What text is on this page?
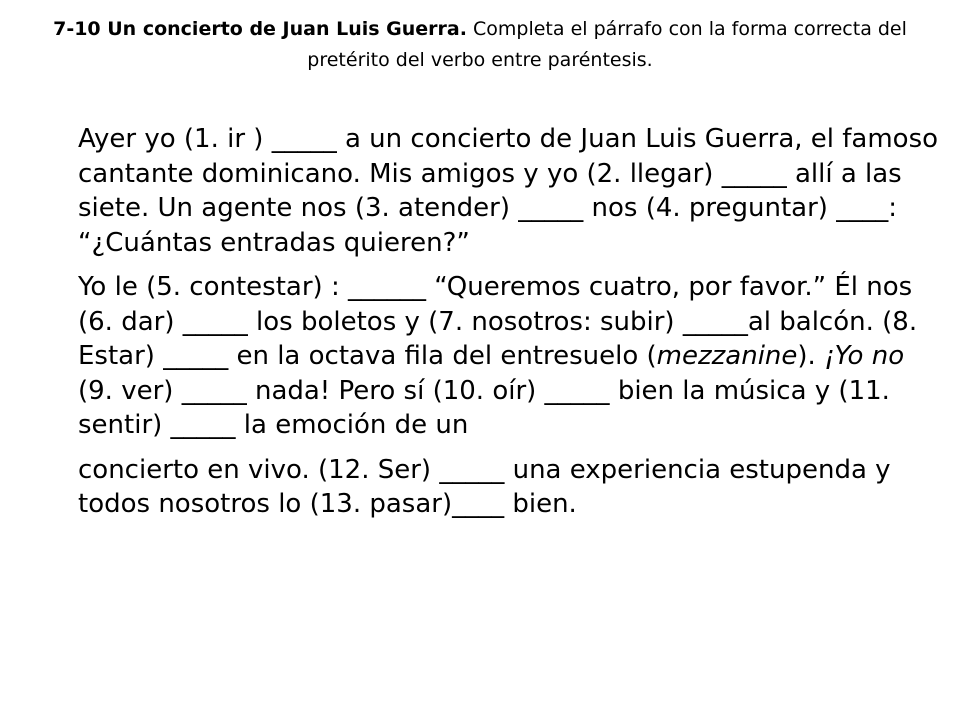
7-10 Un concierto de Juan Luis Guerra. Completa el párrafo con la forma correcta del pretérito del verbo entre paréntesis.

Ayer yo (1. ir ) _____ a un concierto de Juan Luis Guerra, el famoso cantante dominicano. Mis amigos y yo (2. llegar) _____ allí a las siete. Un agente nos (3. atender) _____ nos (4. preguntar) ____: “¿Cuántas entradas quieren?”

Yo le (5. contestar) : ______ “Queremos cuatro, por favor.” Él nos (6. dar) _____ los boletos y (7. nosotros: subir) _____al balcón. (8. Estar) _____ en la octava fila del entresuelo (mezzanine). ¡Yo no (9. ver) _____ nada! Pero sí (10. oír) _____ bien la música y (11. sentir) _____ la emoción de un

concierto en vivo. (12. Ser) _____ una experiencia estupenda y todos nosotros lo (13. pasar)____ bien.
